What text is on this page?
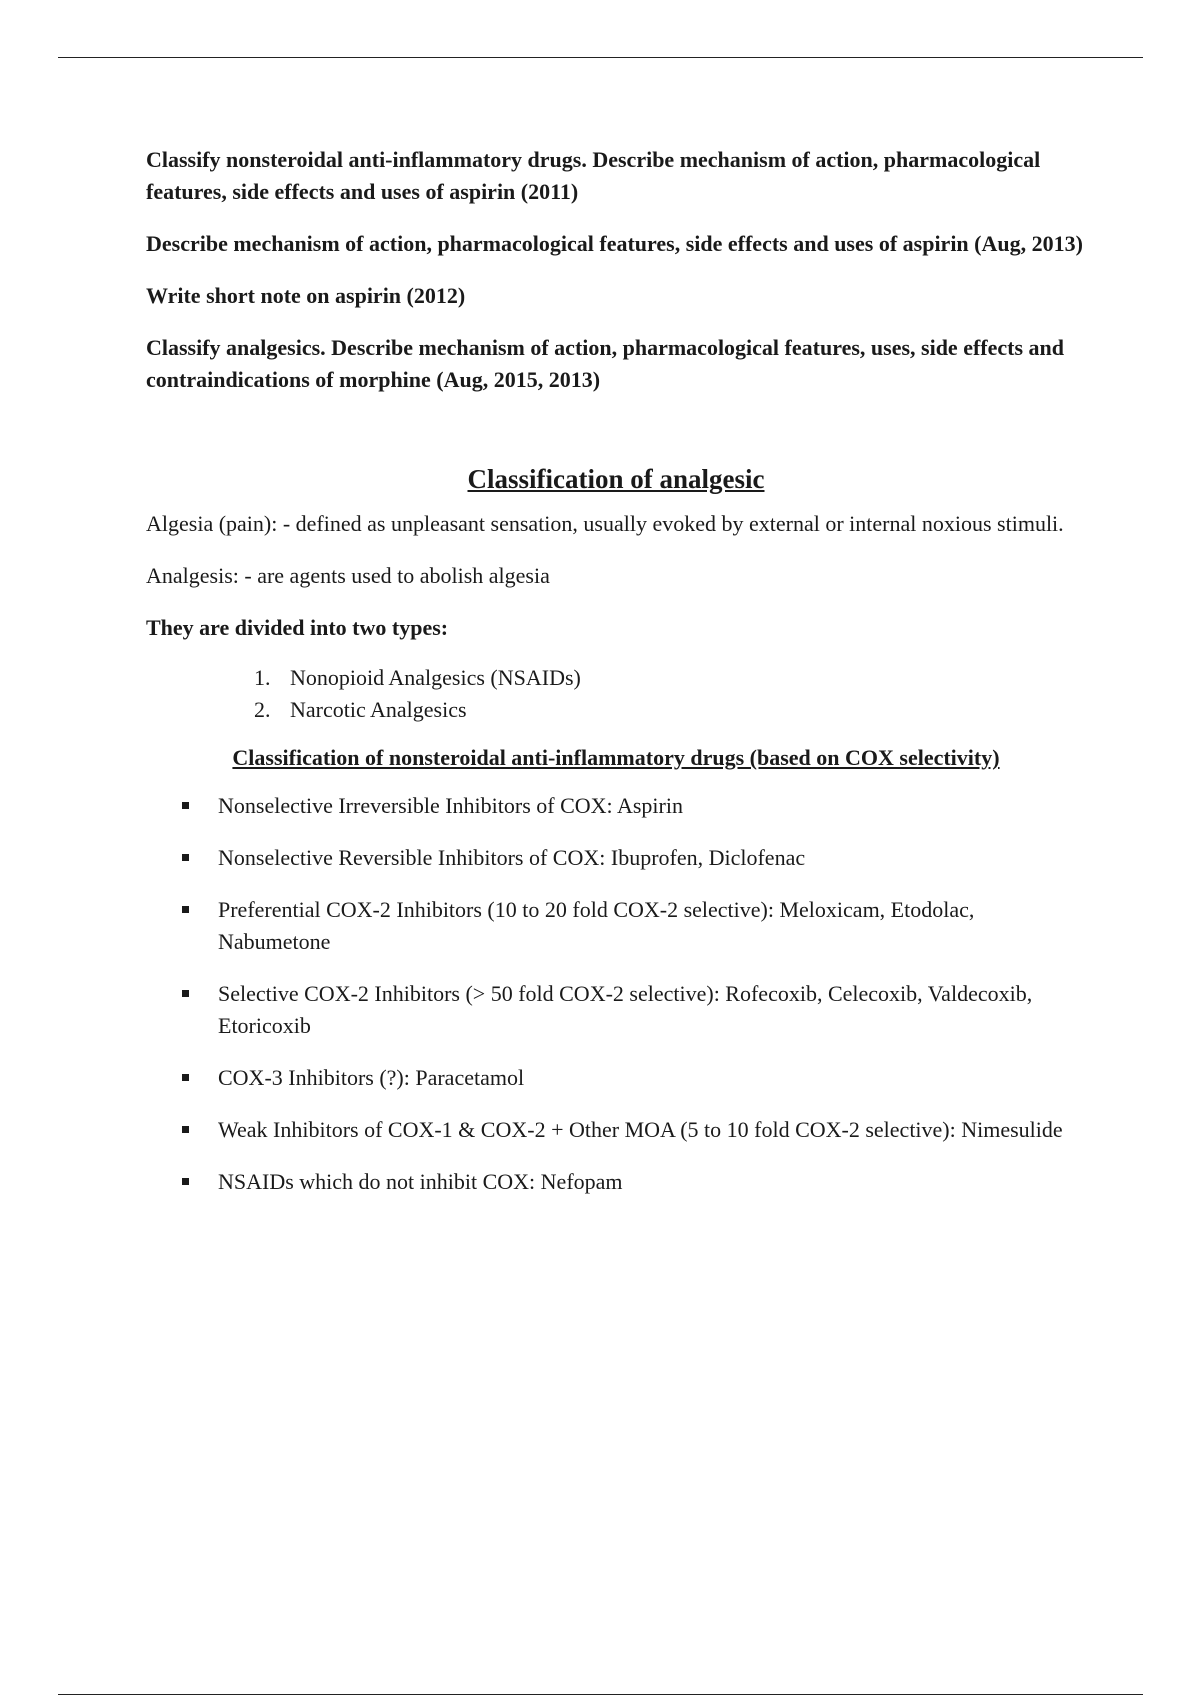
Classify nonsteroidal anti-inflammatory drugs. Describe mechanism of action, pharmacological features, side effects and uses of aspirin (2011)

Describe mechanism of action, pharmacological features, side effects and uses of aspirin (Aug, 2013)

Write short note on aspirin (2012)

Classify analgesics. Describe mechanism of action, pharmacological features, uses, side effects and contraindications of morphine (Aug, 2015, 2013)

Classification of analgesic

Algesia (pain): - defined as unpleasant sensation, usually evoked by external or internal noxious stimuli.

Analgesis: - are agents used to abolish algesia

They are divided into two types:

1. Nonopioid Analgesics (NSAIDs)
2. Narcotic Analgesics
Classification of nonsteroidal anti-inflammatory drugs (based on COX selectivity)
Nonselective Irreversible Inhibitors of COX: Aspirin
Nonselective Reversible Inhibitors of COX: Ibuprofen, Diclofenac
Preferential COX-2 Inhibitors (10 to 20 fold COX-2 selective): Meloxicam, Etodolac, Nabumetone
Selective COX-2 Inhibitors (> 50 fold COX-2 selective): Rofecoxib, Celecoxib, Valdecoxib, Etoricoxib
COX-3 Inhibitors (?): Paracetamol
Weak Inhibitors of COX-1 & COX-2 + Other MOA (5 to 10 fold COX-2 selective): Nimesulide
NSAIDs which do not inhibit COX: Nefopam
